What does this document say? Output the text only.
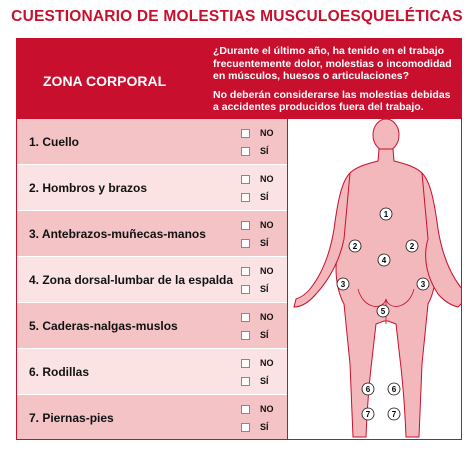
CUESTIONARIO DE MOLESTIAS MUSCULOESQUELÉTICAS
ZONA CORPORAL

¿Durante el último año, ha tenido en el trabajo frecuentemente dolor, molestias o incomodidad en músculos, huesos o articulaciones?

No deberán considerarse las molestias debidas a accidentes producidos fuera del trabajo.

1. Cuello
NO
SÍ
2. Hombros y brazos
NO
SÍ
3. Antebrazos-muñecas-manos
NO
SÍ
4. Zona dorsal-lumbar de la espalda
NO
SÍ
5. Caderas-nalgas-muslos
NO
SÍ
6. Rodillas
NO
SÍ
7. Piernas-pies
NO
SÍ
1
2	2
4
3	3
5
6	6
7	7
